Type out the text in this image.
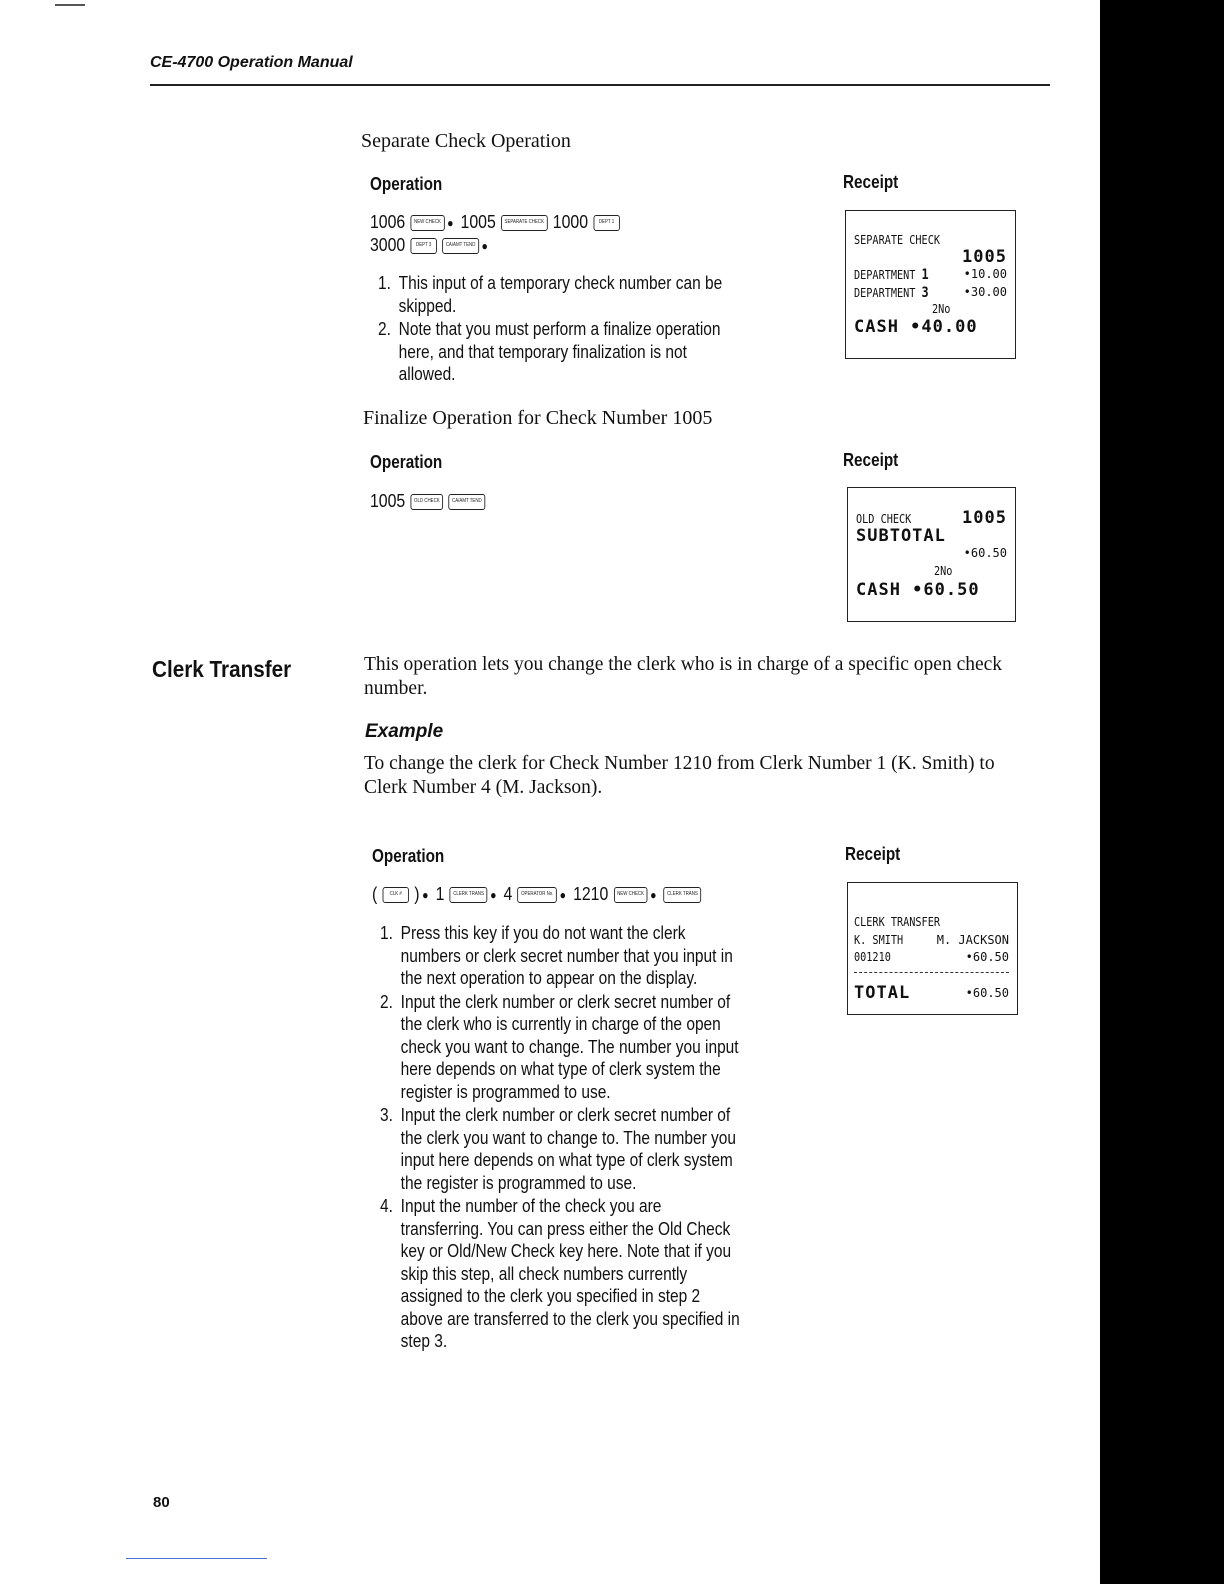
CE-4700 Operation Manual
Separate Check Operation
Operation	Receipt
1006	NEW CHECK ● 1005	SEPARATE CHECK 1000	DEPT 1
3000	DEPT 3	CA/AMT TEND ●
1. This input of a temporary check number can be skipped.
2. Note that you must perform a finalize operation here, and that temporary finalization is not allowed.
SEPARATE CHECK
1005
DEPARTMENT 1	•10.00
DEPARTMENT 3	•30.00
2No
CASH •40.00
Finalize Operation for Check Number 1005
Operation	Receipt
1005	OLD CHECK	CA/AMT TEND
OLD CHECK	1005
SUBTOTAL
•60.50
2No
CASH •60.50
Clerk Transfer	This operation lets you change the clerk who is in charge of a specific open check number.
Example
To change the clerk for Check Number 1210 from Clerk Number 1 (K. Smith) to Clerk Number 4 (M. Jackson).
Operation	Receipt
(	CLK # ) ● 1	CLERK TRANS ● 4	OPERATOR No. ● 1210	NEW CHECK ●	CLERK TRANS
1. Press this key if you do not want the clerk numbers or clerk secret number that you input in the next operation to appear on the display.
2. Input the clerk number or clerk secret number of the clerk who is currently in charge of the open check you want to change. The number you input here depends on what type of clerk system the register is programmed to use.
3. Input the clerk number or clerk secret number of the clerk you want to change to. The number you input here depends on what type of clerk system the register is programmed to use.
4. Input the number of the check you are transferring. You can press either the Old Check key or Old/New Check key here. Note that if you skip this step, all check numbers currently assigned to the clerk you specified in step 2 above are transferred to the clerk you specified in step 3.
CLERK TRANSFER
K. SMITH	M. JACKSON
001210	•60.50
TOTAL	•60.50
80
